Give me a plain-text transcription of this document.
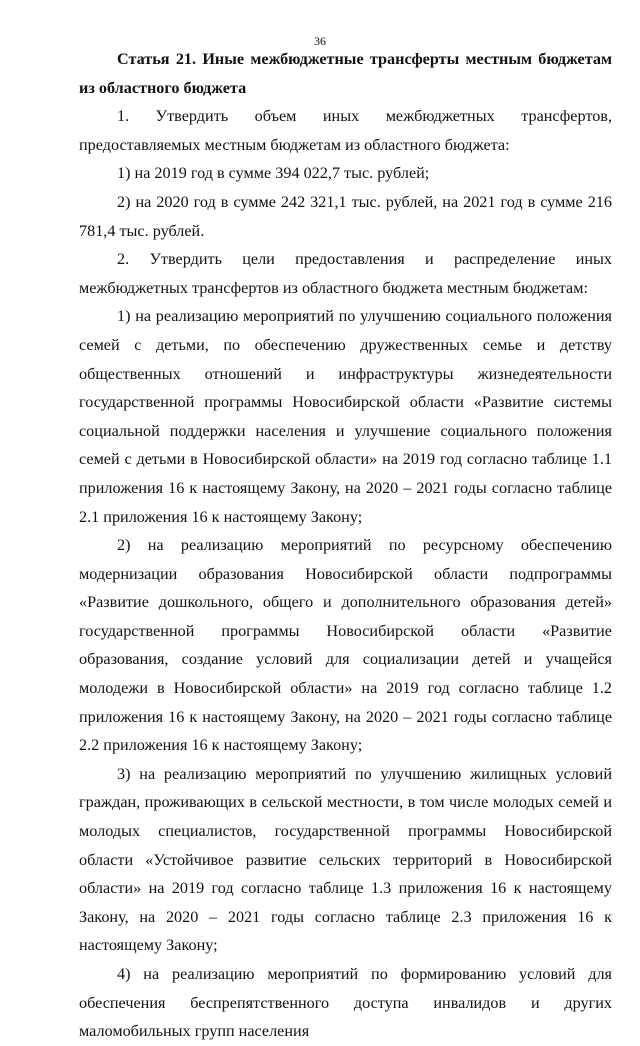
36

Статья 21. Иные межбюджетные трансферты местным бюджетам из областного бюджета

1. Утвердить объем иных межбюджетных трансфертов, предоставляемых местным бюджетам из областного бюджета:

1) на 2019 год в сумме 394 022,7 тыс. рублей;

2) на 2020 год в сумме 242 321,1 тыс. рублей, на 2021 год в сумме 216 781,4 тыс. рублей.

2. Утвердить цели предоставления и распределение иных межбюджетных трансфертов из областного бюджета местным бюджетам:

1) на реализацию мероприятий по улучшению социального положения семей с детьми, по обеспечению дружественных семье и детству общественных отношений и инфраструктуры жизнедеятельности государственной программы Новосибирской области «Развитие системы социальной поддержки населения и улучшение социального положения семей с детьми в Новосибирской области» на 2019 год согласно таблице 1.1 приложения 16 к настоящему Закону, на 2020 – 2021 годы согласно таблице 2.1 приложения 16 к настоящему Закону;

2) на реализацию мероприятий по ресурсному обеспечению модернизации образования Новосибирской области подпрограммы «Развитие дошкольного, общего и дополнительного образования детей» государственной программы Новосибирской области «Развитие образования, создание условий для социализации детей и учащейся молодежи в Новосибирской области» на 2019 год согласно таблице 1.2 приложения 16 к настоящему Закону, на 2020 – 2021 годы согласно таблице 2.2 приложения 16 к настоящему Закону;

3) на реализацию мероприятий по улучшению жилищных условий граждан, проживающих в сельской местности, в том числе молодых семей и молодых специалистов, государственной программы Новосибирской области «Устойчивое развитие сельских территорий в Новосибирской области» на 2019 год согласно таблице 1.3 приложения 16 к настоящему Закону, на 2020 – 2021 годы согласно таблице 2.3 приложения 16 к настоящему Закону;

4) на реализацию мероприятий по формированию условий для обеспечения беспрепятственного доступа инвалидов и других маломобильных групп населения
